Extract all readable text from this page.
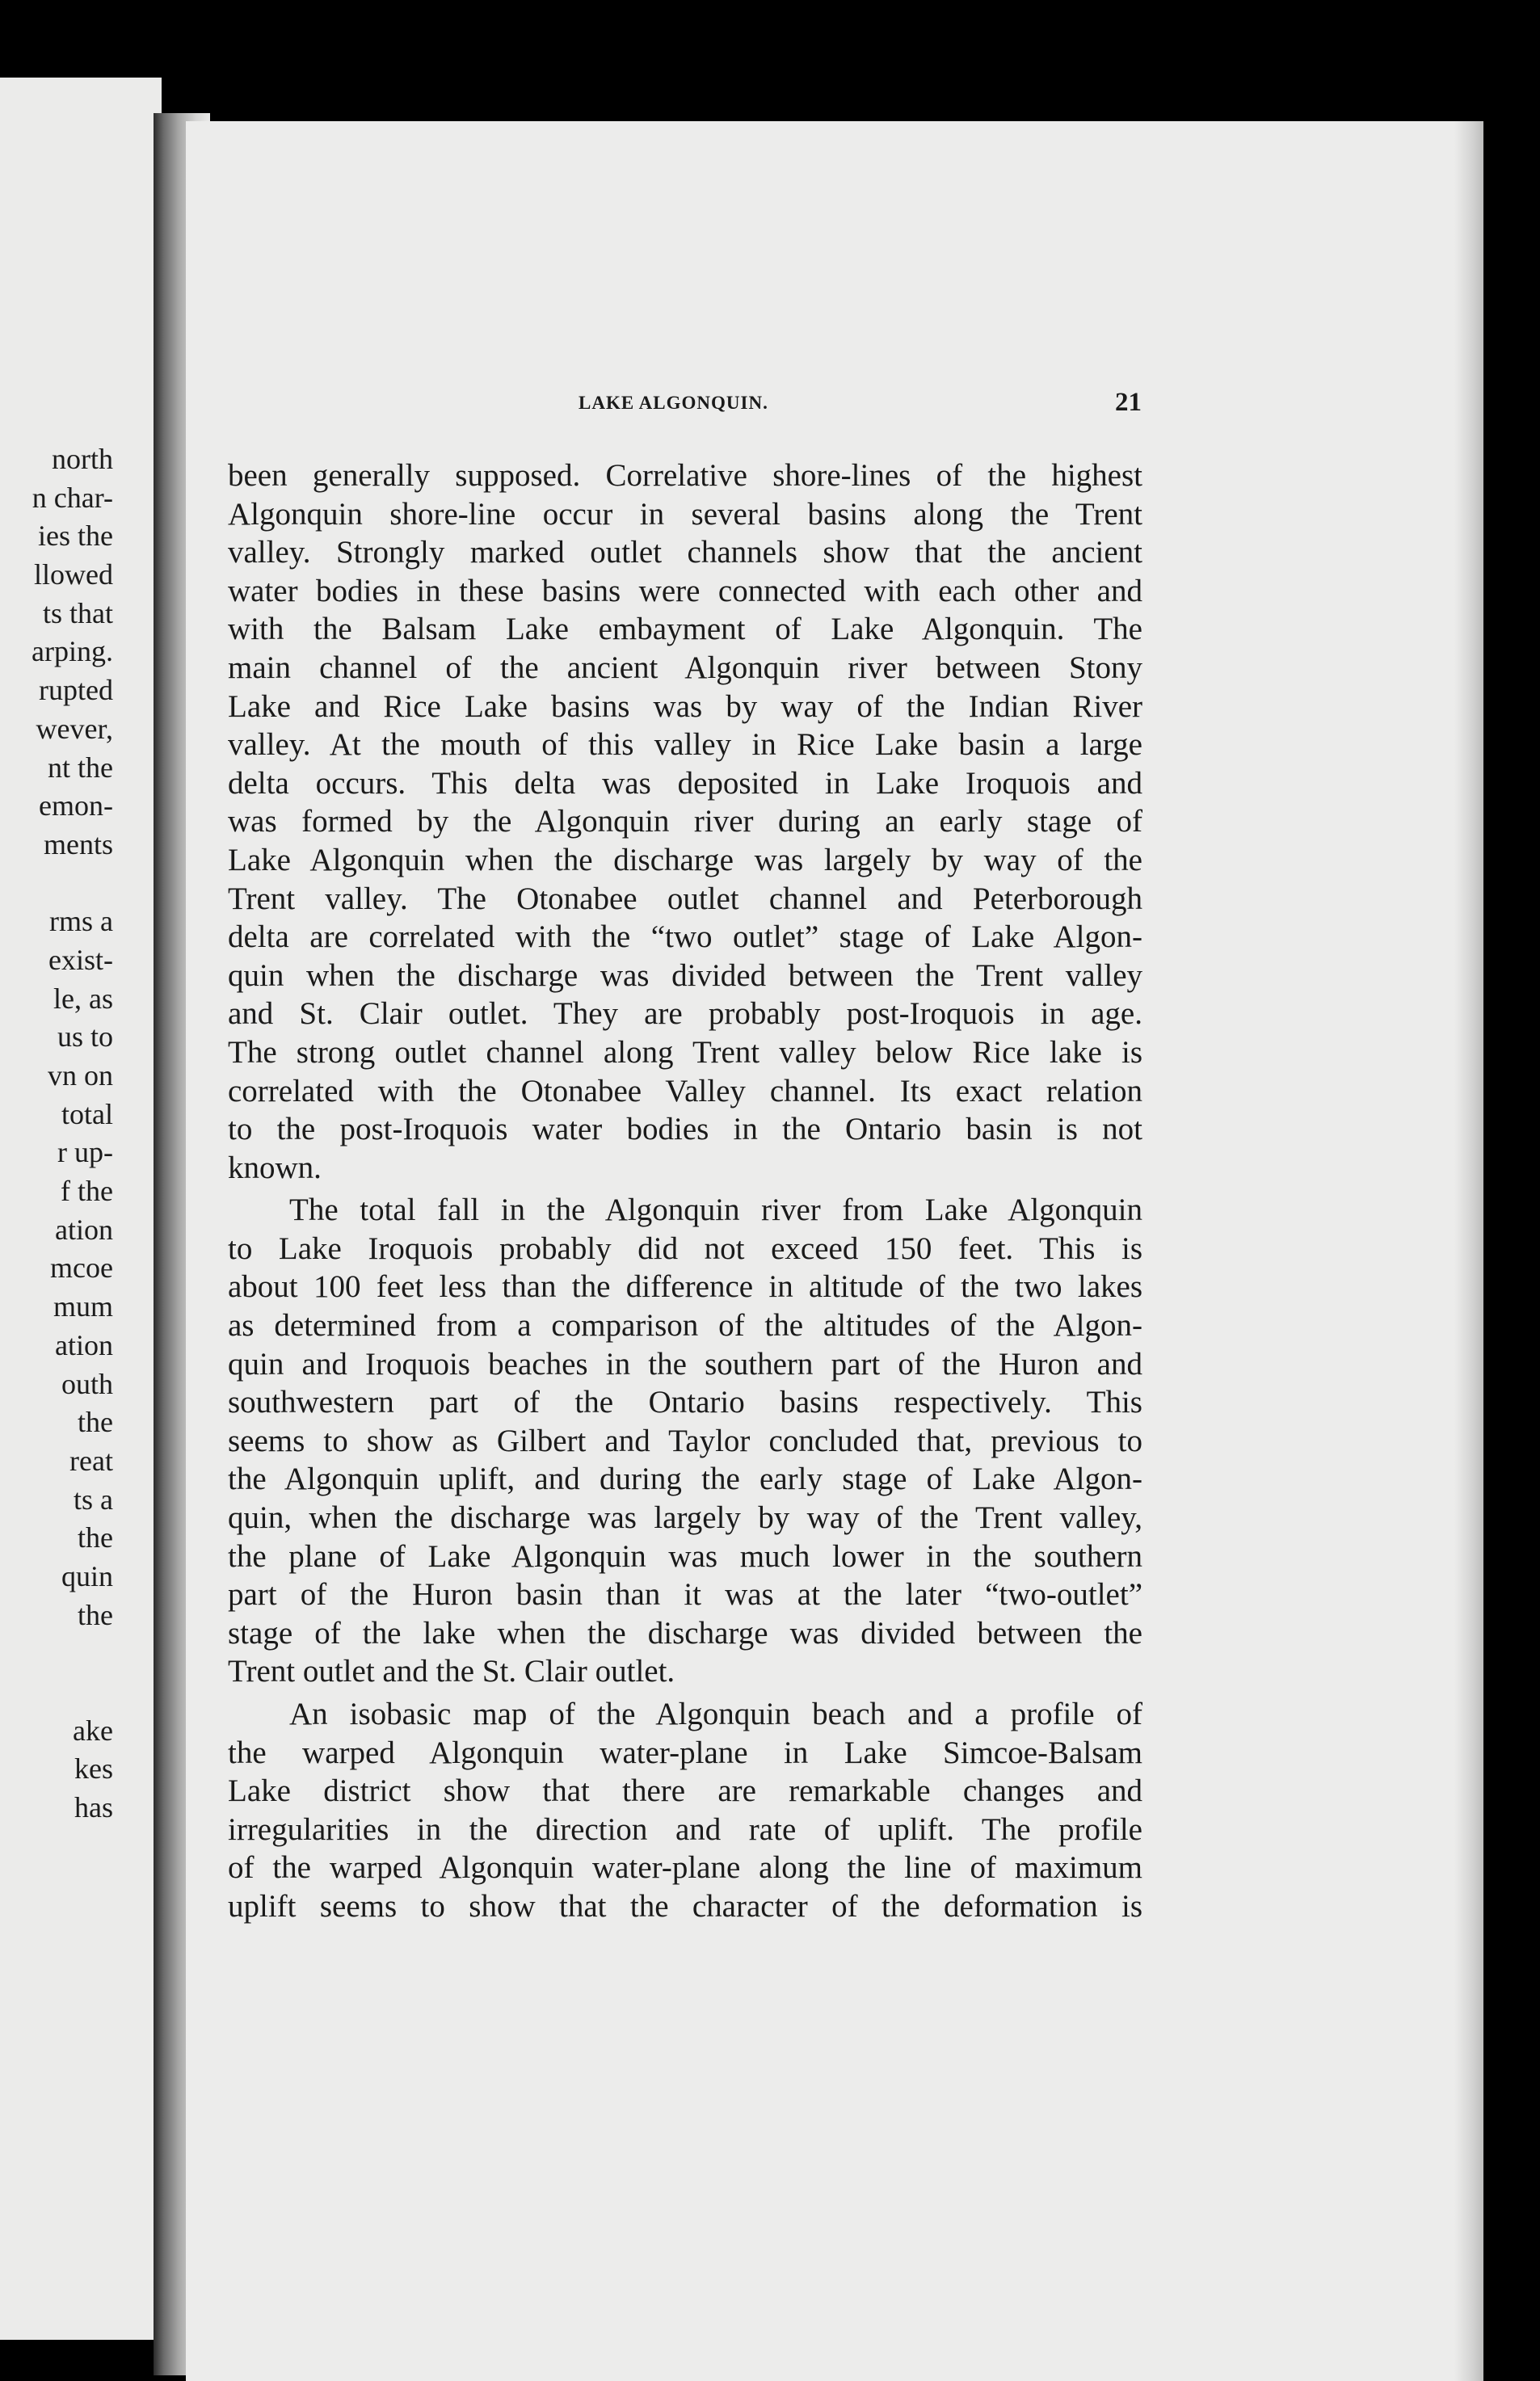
north
n char-
ies the
llowed
ts that
arping.
rupted
wever,
nt the
emon-
ments
rms a
exist-
le, as
us to
vn on
total
r up-
f the
ation
mcoe
mum
ation
outh
the
reat
ts a
the
quin
the
ake
kes
has
LAKE ALGONQUIN.	21
been generally supposed. Correlative shore-lines of the highest
Algonquin shore-line occur in several basins along the Trent
valley. Strongly marked outlet channels show that the ancient
water bodies in these basins were connected with each other and
with the Balsam Lake embayment of Lake Algonquin. The
main channel of the ancient Algonquin river between Stony
Lake and Rice Lake basins was by way of the Indian River
valley. At the mouth of this valley in Rice Lake basin a large
delta occurs. This delta was deposited in Lake Iroquois and
was formed by the Algonquin river during an early stage of
Lake Algonquin when the discharge was largely by way of the
Trent valley. The Otonabee outlet channel and Peterborough
delta are correlated with the “two outlet” stage of Lake Algon-
quin when the discharge was divided between the Trent valley
and St. Clair outlet. They are probably post-Iroquois in age.
The strong outlet channel along Trent valley below Rice lake is
correlated with the Otonabee Valley channel. Its exact relation
to the post-Iroquois water bodies in the Ontario basin is not
known.
The total fall in the Algonquin river from Lake Algonquin
to Lake Iroquois probably did not exceed 150 feet. This is
about 100 feet less than the difference in altitude of the two lakes
as determined from a comparison of the altitudes of the Algon-
quin and Iroquois beaches in the southern part of the Huron and
southwestern part of the Ontario basins respectively. This
seems to show as Gilbert and Taylor concluded that, previous to
the Algonquin uplift, and during the early stage of Lake Algon-
quin, when the discharge was largely by way of the Trent valley,
the plane of Lake Algonquin was much lower in the southern
part of the Huron basin than it was at the later “two-outlet”
stage of the lake when the discharge was divided between the
Trent outlet and the St. Clair outlet.
An isobasic map of the Algonquin beach and a profile of
the warped Algonquin water-plane in Lake Simcoe-Balsam
Lake district show that there are remarkable changes and
irregularities in the direction and rate of uplift. The profile
of the warped Algonquin water-plane along the line of maximum
uplift seems to show that the character of the deformation is
